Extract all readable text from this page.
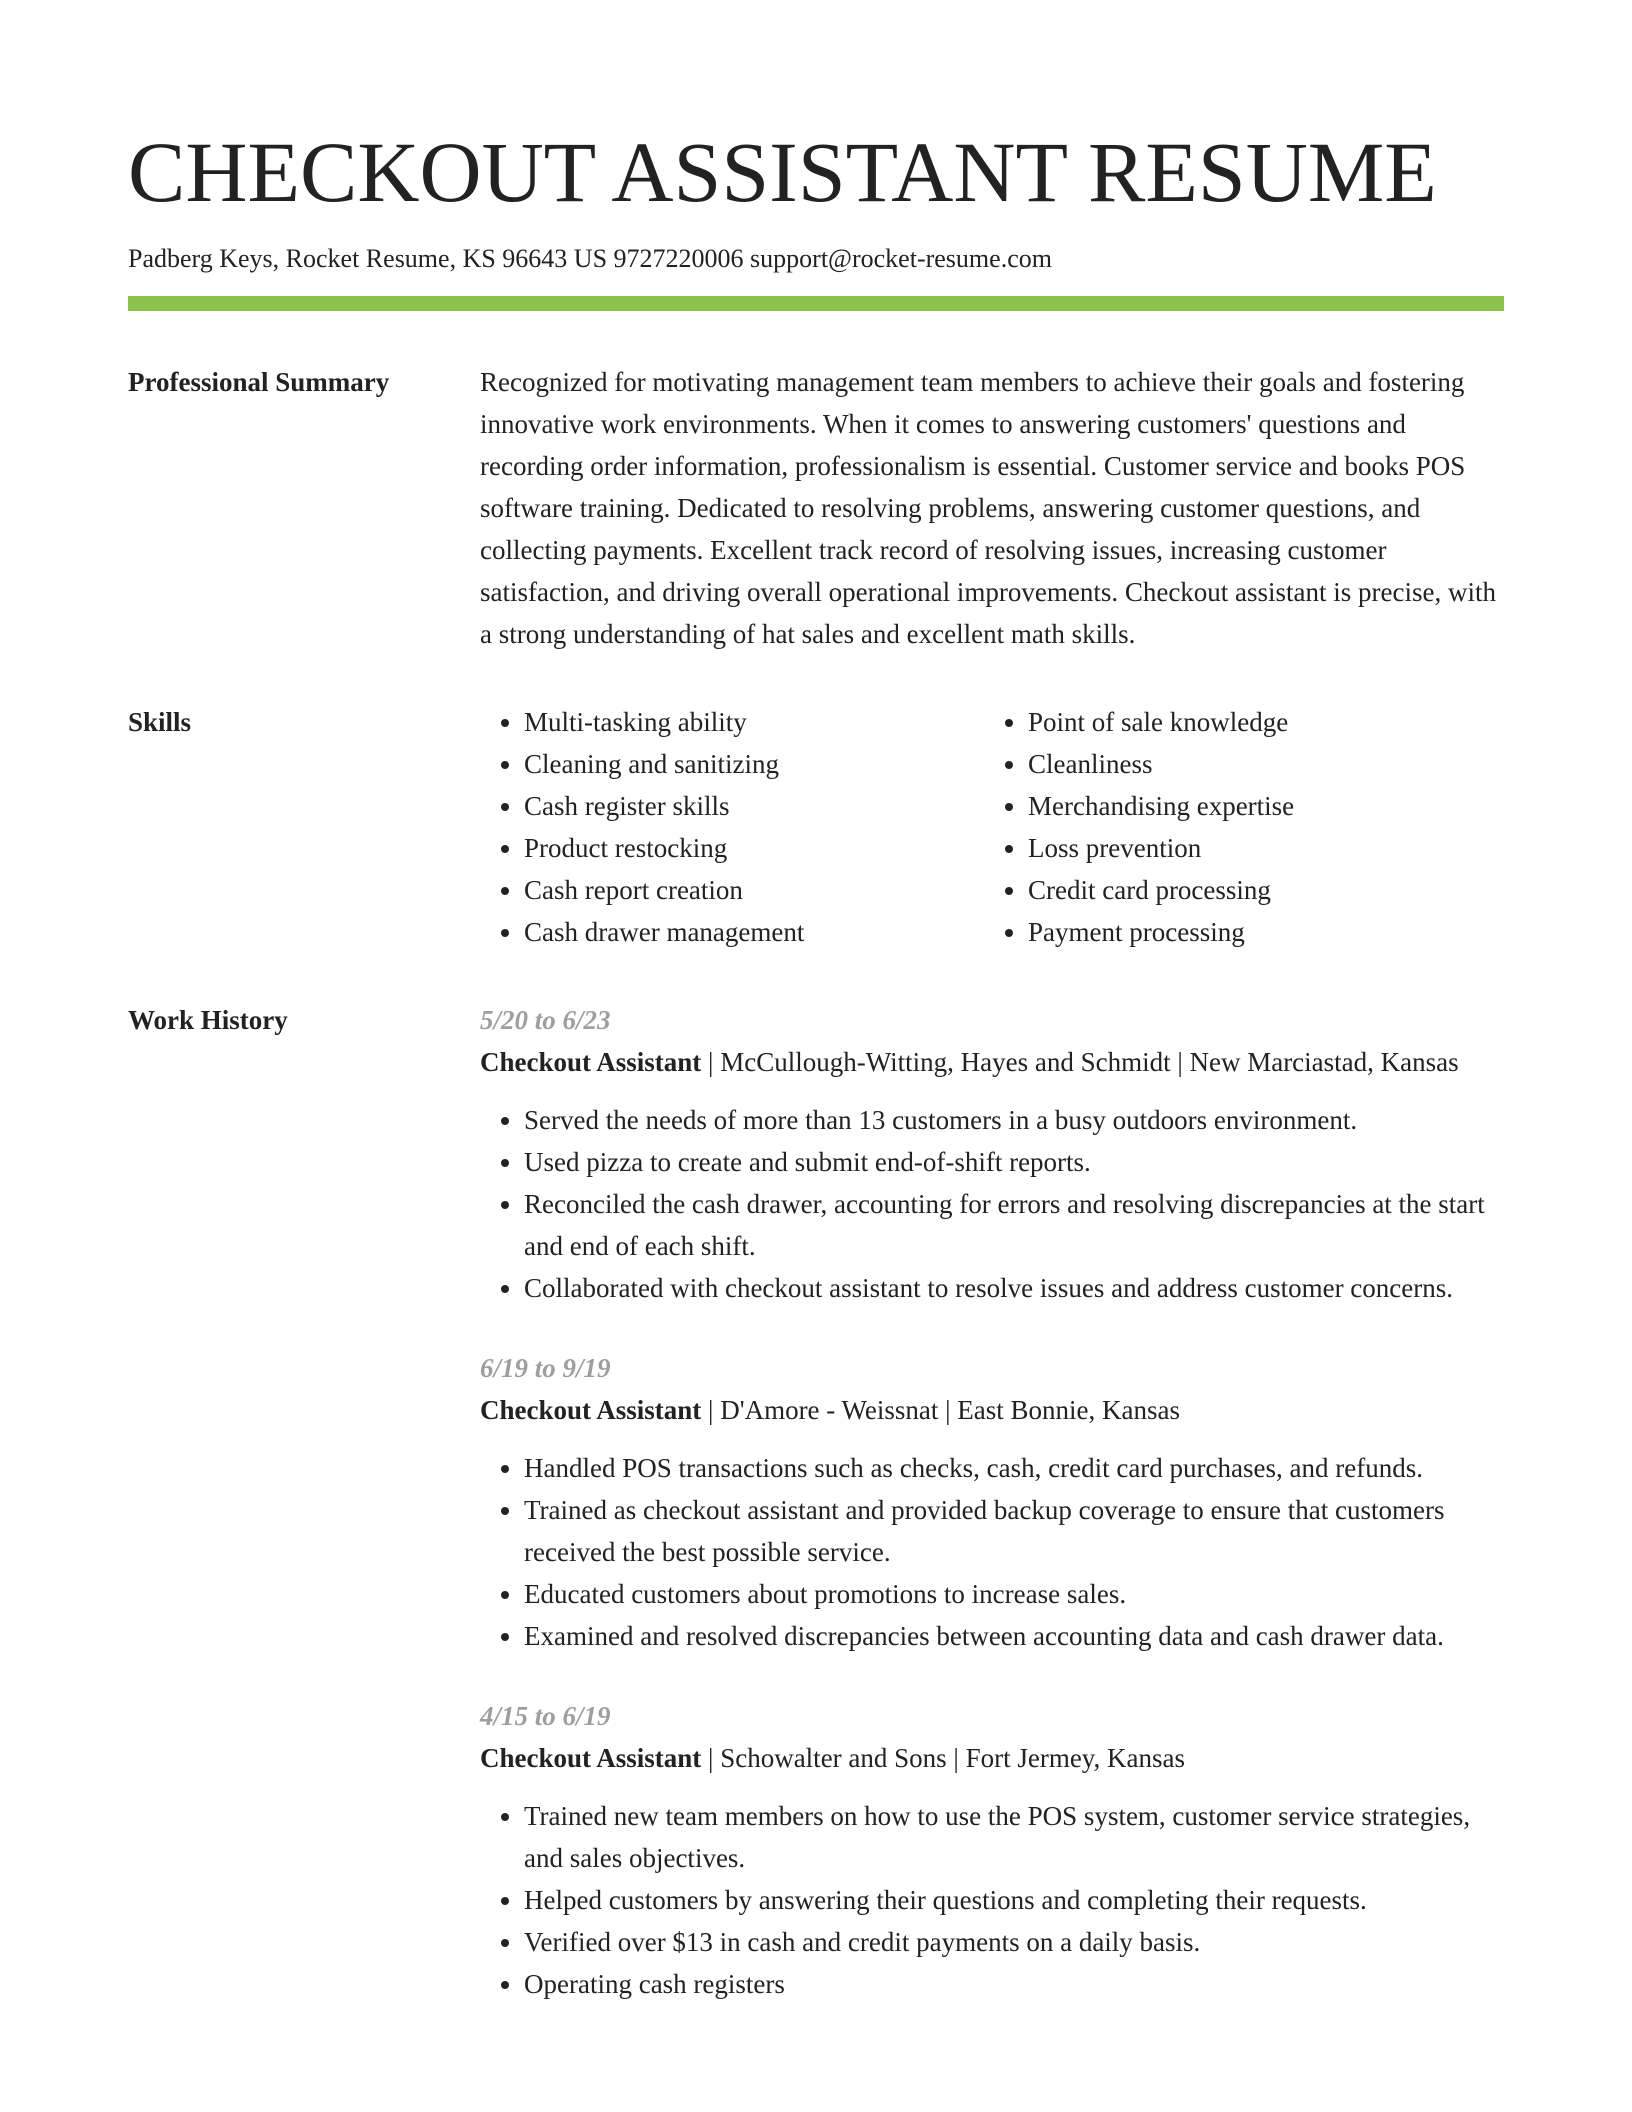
CHECKOUT ASSISTANT RESUME
Padberg Keys, Rocket Resume, KS 96643 US 9727220006 support@rocket-resume.com
Professional Summary	Recognized for motivating management team members to achieve their goals and fostering innovative work environments. When it comes to answering customers' questions and recording order information, professionalism is essential. Customer service and books POS software training. Dedicated to resolving problems, answering customer questions, and collecting payments. Excellent track record of resolving issues, increasing customer satisfaction, and driving overall operational improvements. Checkout assistant is precise, with a strong understanding of hat sales and excellent math skills.

Skills
•	Multi-tasking ability
• Cleaning and sanitizing
• Cash register skills
• Product restocking
• Cash report creation
• Cash drawer management
• Point of sale knowledge
• Cleanliness
• Merchandising expertise
• Loss prevention
• Credit card processing
• Payment processing
Work History	5/20 to 6/23
Checkout Assistant | McCullough-Witting, Hayes and Schmidt | New Marciastad, Kansas
• Served the needs of more than 13 customers in a busy outdoors environment.
• Used pizza to create and submit end-of-shift reports.
• Reconciled the cash drawer, accounting for errors and resolving discrepancies at the start and end of each shift.
• Collaborated with checkout assistant to resolve issues and address customer concerns.
6/19 to 9/19
Checkout Assistant | D'Amore - Weissnat | East Bonnie, Kansas
• Handled POS transactions such as checks, cash, credit card purchases, and refunds.
• Trained as checkout assistant and provided backup coverage to ensure that customers received the best possible service.
• Educated customers about promotions to increase sales.
• Examined and resolved discrepancies between accounting data and cash drawer data.
4/15 to 6/19
Checkout Assistant | Schowalter and Sons | Fort Jermey, Kansas
• Trained new team members on how to use the POS system, customer service strategies, and sales objectives.
• Helped customers by answering their questions and completing their requests.
• Verified over $13 in cash and credit payments on a daily basis.
• Operating cash registers
